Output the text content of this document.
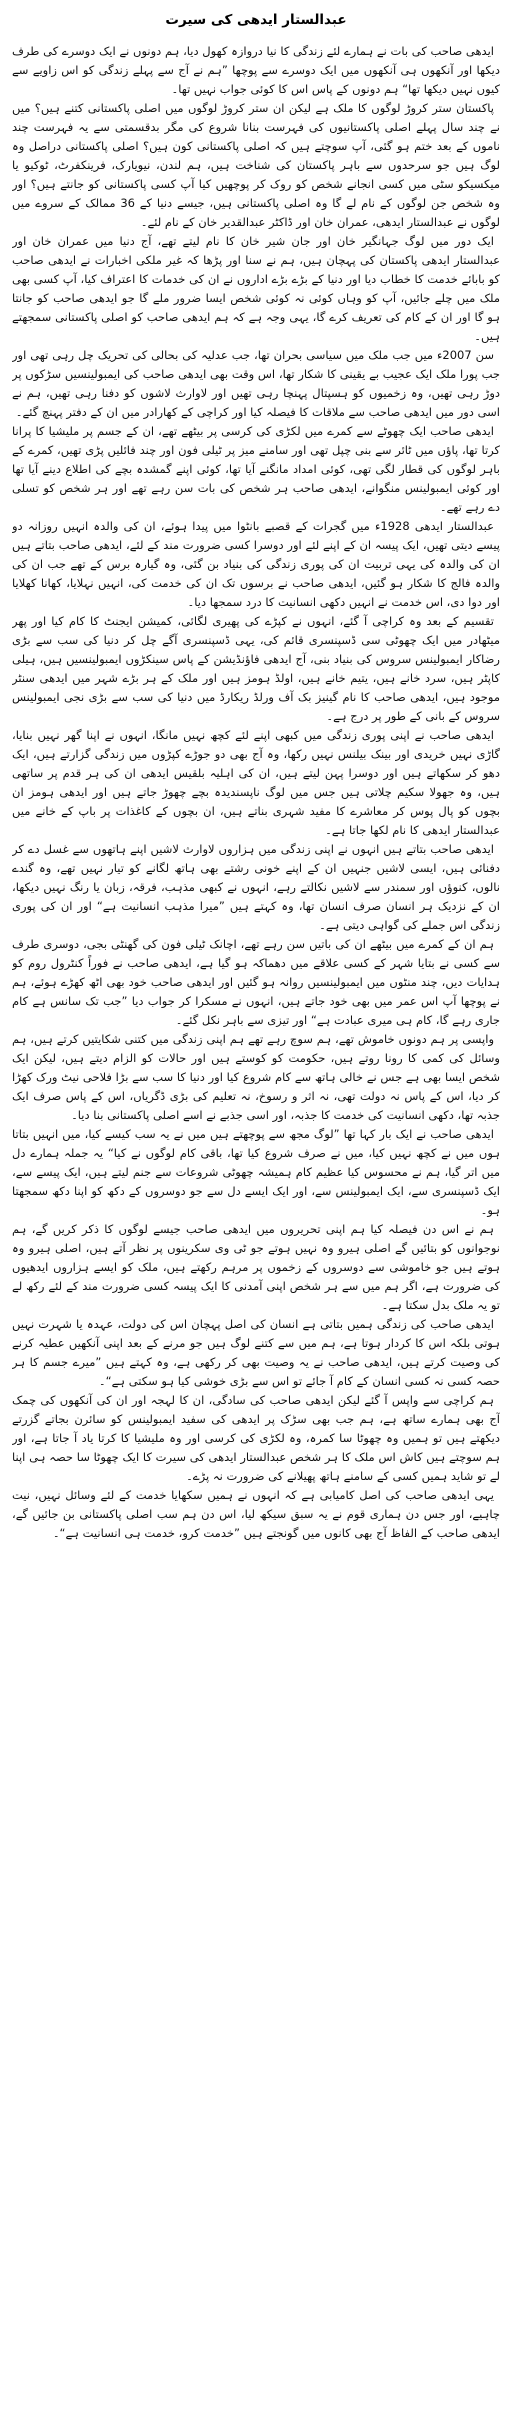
عبدالستار ایدھی کی سیرت

ایدھی صاحب کی بات نے ہمارے لئے زندگی کا نیا دروازہ کھول دیا، ہم دونوں نے ایک دوسرے کی طرف دیکھا اور آنکھوں ہی آنکھوں میں ایک دوسرے سے پوچھا ”ہم نے آج سے پہلے زندگی کو اس زاویے سے کیوں نہیں دیکھا تھا“ ہم دونوں کے پاس اس کا کوئی جواب نہیں تھا۔

پاکستان ستر کروڑ لوگوں کا ملک ہے لیکن ان ستر کروڑ لوگوں میں اصلی پاکستانی کتنے ہیں؟ میں نے چند سال پہلے اصلی پاکستانیوں کی فہرست بنانا شروع کی مگر بدقسمتی سے یہ فہرست چند ناموں کے بعد ختم ہو گئی، آپ سوچتے ہیں کہ اصلی پاکستانی کون ہیں؟ اصلی پاکستانی دراصل وہ لوگ ہیں جو سرحدوں سے باہر پاکستان کی شناخت ہیں، ہم لندن، نیویارک، فرینکفرٹ، ٹوکیو یا میکسیکو سٹی میں کسی انجانے شخص کو روک کر پوچھیں کیا آپ کسی پاکستانی کو جانتے ہیں؟ اور وہ شخص جن لوگوں کے نام لے گا وہ اصلی پاکستانی ہیں، جیسے دنیا کے 36 ممالک کے سروے میں لوگوں نے عبدالستار ایدھی، عمران خان اور ڈاکٹر عبدالقدیر خان کے نام لئے۔

ایک دور میں لوگ جہانگیر خان اور جان شیر خان کا نام لیتے تھے، آج دنیا میں عمران خان اور عبدالستار ایدھی پاکستان کی پہچان ہیں، ہم نے سنا اور پڑھا کہ غیر ملکی اخبارات نے ایدھی صاحب کو بابائے خدمت کا خطاب دیا اور دنیا کے بڑے بڑے اداروں نے ان کی خدمات کا اعتراف کیا، آپ کسی بھی ملک میں چلے جائیں، آپ کو وہاں کوئی نہ کوئی شخص ایسا ضرور ملے گا جو ایدھی صاحب کو جانتا ہو گا اور ان کے کام کی تعریف کرے گا، یہی وجہ ہے کہ ہم ایدھی صاحب کو اصلی پاکستانی سمجھتے ہیں۔

سن 2007ء میں جب ملک میں سیاسی بحران تھا، جب عدلیہ کی بحالی کی تحریک چل رہی تھی اور جب پورا ملک ایک عجیب بے یقینی کا شکار تھا، اس وقت بھی ایدھی صاحب کی ایمبولینسیں سڑکوں پر دوڑ رہی تھیں، وہ زخمیوں کو ہسپتال پہنچا رہی تھیں اور لاوارث لاشوں کو دفنا رہی تھیں، ہم نے اسی دور میں ایدھی صاحب سے ملاقات کا فیصلہ کیا اور کراچی کے کھارادر میں ان کے دفتر پہنچ گئے۔

ایدھی صاحب ایک چھوٹے سے کمرے میں لکڑی کی کرسی پر بیٹھے تھے، ان کے جسم پر ملیشیا کا پرانا کرتا تھا، پاؤں میں ٹائر سے بنی چپل تھی اور سامنے میز پر ٹیلی فون اور چند فائلیں پڑی تھیں، کمرے کے باہر لوگوں کی قطار لگی تھی، کوئی امداد مانگنے آیا تھا، کوئی اپنے گمشدہ بچے کی اطلاع دینے آیا تھا اور کوئی ایمبولینس منگوانے، ایدھی صاحب ہر شخص کی بات سن رہے تھے اور ہر شخص کو تسلی دے رہے تھے۔

عبدالستار ایدھی 1928ء میں گجرات کے قصبے بانٹوا میں پیدا ہوئے، ان کی والدہ انہیں روزانہ دو پیسے دیتی تھیں، ایک پیسہ ان کے اپنے لئے اور دوسرا کسی ضرورت مند کے لئے، ایدھی صاحب بتاتے ہیں ان کی والدہ کی یہی تربیت ان کی پوری زندگی کی بنیاد بن گئی، وہ گیارہ برس کے تھے جب ان کی والدہ فالج کا شکار ہو گئیں، ایدھی صاحب نے برسوں تک ان کی خدمت کی، انہیں نہلایا، کھانا کھلایا اور دوا دی، اس خدمت نے انہیں دکھی انسانیت کا درد سمجھا دیا۔

تقسیم کے بعد وہ کراچی آ گئے، انہوں نے کپڑے کی پھیری لگائی، کمیشن ایجنٹ کا کام کیا اور پھر میٹھادر میں ایک چھوٹی سی ڈسپنسری قائم کی، یہی ڈسپنسری آگے چل کر دنیا کی سب سے بڑی رضاکار ایمبولینس سروس کی بنیاد بنی، آج ایدھی فاؤنڈیشن کے پاس سینکڑوں ایمبولینسیں ہیں، ہیلی کاپٹر ہیں، سرد خانے ہیں، یتیم خانے ہیں، اولڈ ہومز ہیں اور ملک کے ہر بڑے شہر میں ایدھی سنٹر موجود ہیں، ایدھی صاحب کا نام گینیز بک آف ورلڈ ریکارڈ میں دنیا کی سب سے بڑی نجی ایمبولینس سروس کے بانی کے طور پر درج ہے۔

ایدھی صاحب نے اپنی پوری زندگی میں کبھی اپنے لئے کچھ نہیں مانگا، انہوں نے اپنا گھر نہیں بنایا، گاڑی نہیں خریدی اور بینک بیلنس نہیں رکھا، وہ آج بھی دو جوڑے کپڑوں میں زندگی گزارتے ہیں، ایک دھو کر سکھاتے ہیں اور دوسرا پہن لیتے ہیں، ان کی اہلیہ بلقیس ایدھی ان کی ہر قدم پر ساتھی ہیں، وہ جھولا سکیم چلاتی ہیں جس میں لوگ ناپسندیدہ بچے چھوڑ جاتے ہیں اور ایدھی ہومز ان بچوں کو پال پوس کر معاشرے کا مفید شہری بناتے ہیں، ان بچوں کے کاغذات پر باپ کے خانے میں عبدالستار ایدھی کا نام لکھا جاتا ہے۔

ایدھی صاحب بتاتے ہیں انہوں نے اپنی زندگی میں ہزاروں لاوارث لاشیں اپنے ہاتھوں سے غسل دے کر دفنائی ہیں، ایسی لاشیں جنہیں ان کے اپنے خونی رشتے بھی ہاتھ لگانے کو تیار نہیں تھے، وہ گندے نالوں، کنوؤں اور سمندر سے لاشیں نکالتے رہے، انہوں نے کبھی مذہب، فرقہ، زبان یا رنگ نہیں دیکھا، ان کے نزدیک ہر انسان صرف انسان تھا، وہ کہتے ہیں ”میرا مذہب انسانیت ہے“ اور ان کی پوری زندگی اس جملے کی گواہی دیتی ہے۔

ہم ان کے کمرے میں بیٹھے ان کی باتیں سن رہے تھے، اچانک ٹیلی فون کی گھنٹی بجی، دوسری طرف سے کسی نے بتایا شہر کے کسی علاقے میں دھماکہ ہو گیا ہے، ایدھی صاحب نے فوراً کنٹرول روم کو ہدایات دیں، چند منٹوں میں ایمبولینسیں روانہ ہو گئیں اور ایدھی صاحب خود بھی اٹھ کھڑے ہوئے، ہم نے پوچھا آپ اس عمر میں بھی خود جاتے ہیں، انہوں نے مسکرا کر جواب دیا ”جب تک سانس ہے کام جاری رہے گا، کام ہی میری عبادت ہے“ اور تیزی سے باہر نکل گئے۔

واپسی پر ہم دونوں خاموش تھے، ہم سوچ رہے تھے ہم اپنی زندگی میں کتنی شکایتیں کرتے ہیں، ہم وسائل کی کمی کا رونا روتے ہیں، حکومت کو کوستے ہیں اور حالات کو الزام دیتے ہیں، لیکن ایک شخص ایسا بھی ہے جس نے خالی ہاتھ سے کام شروع کیا اور دنیا کا سب سے بڑا فلاحی نیٹ ورک کھڑا کر دیا، اس کے پاس نہ دولت تھی، نہ اثر و رسوخ، نہ تعلیم کی بڑی ڈگریاں، اس کے پاس صرف ایک جذبہ تھا، دکھی انسانیت کی خدمت کا جذبہ، اور اسی جذبے نے اسے اصلی پاکستانی بنا دیا۔

ایدھی صاحب نے ایک بار کہا تھا ”لوگ مجھ سے پوچھتے ہیں میں نے یہ سب کیسے کیا، میں انہیں بتاتا ہوں میں نے کچھ نہیں کیا، میں نے صرف شروع کیا تھا، باقی کام لوگوں نے کیا“ یہ جملہ ہمارے دل میں اتر گیا، ہم نے محسوس کیا عظیم کام ہمیشہ چھوٹی شروعات سے جنم لیتے ہیں، ایک پیسے سے، ایک ڈسپنسری سے، ایک ایمبولینس سے، اور ایک ایسے دل سے جو دوسروں کے دکھ کو اپنا دکھ سمجھتا ہو۔

ہم نے اس دن فیصلہ کیا ہم اپنی تحریروں میں ایدھی صاحب جیسے لوگوں کا ذکر کریں گے، ہم نوجوانوں کو بتائیں گے اصلی ہیرو وہ نہیں ہوتے جو ٹی وی سکرینوں پر نظر آتے ہیں، اصلی ہیرو وہ ہوتے ہیں جو خاموشی سے دوسروں کے زخموں پر مرہم رکھتے ہیں، ملک کو ایسے ہزاروں ایدھیوں کی ضرورت ہے، اگر ہم میں سے ہر شخص اپنی آمدنی کا ایک پیسہ کسی ضرورت مند کے لئے رکھ لے تو یہ ملک بدل سکتا ہے۔

ایدھی صاحب کی زندگی ہمیں بتاتی ہے انسان کی اصل پہچان اس کی دولت، عہدہ یا شہرت نہیں ہوتی بلکہ اس کا کردار ہوتا ہے، ہم میں سے کتنے لوگ ہیں جو مرنے کے بعد اپنی آنکھیں عطیہ کرنے کی وصیت کرتے ہیں، ایدھی صاحب نے یہ وصیت بھی کر رکھی ہے، وہ کہتے ہیں ”میرے جسم کا ہر حصہ کسی نہ کسی انسان کے کام آ جائے تو اس سے بڑی خوشی کیا ہو سکتی ہے“۔

ہم کراچی سے واپس آ گئے لیکن ایدھی صاحب کی سادگی، ان کا لہجہ اور ان کی آنکھوں کی چمک آج بھی ہمارے ساتھ ہے، ہم جب بھی سڑک پر ایدھی کی سفید ایمبولینس کو سائرن بجاتے گزرتے دیکھتے ہیں تو ہمیں وہ چھوٹا سا کمرہ، وہ لکڑی کی کرسی اور وہ ملیشیا کا کرتا یاد آ جاتا ہے، اور ہم سوچتے ہیں کاش اس ملک کا ہر شخص عبدالستار ایدھی کی سیرت کا ایک چھوٹا سا حصہ ہی اپنا لے تو شاید ہمیں کسی کے سامنے ہاتھ پھیلانے کی ضرورت نہ پڑے۔

یہی ایدھی صاحب کی اصل کامیابی ہے کہ انہوں نے ہمیں سکھایا خدمت کے لئے وسائل نہیں، نیت چاہیے، اور جس دن ہماری قوم نے یہ سبق سیکھ لیا، اس دن ہم سب اصلی پاکستانی بن جائیں گے، ایدھی صاحب کے الفاظ آج بھی کانوں میں گونجتے ہیں ”خدمت کرو، خدمت ہی انسانیت ہے“۔
